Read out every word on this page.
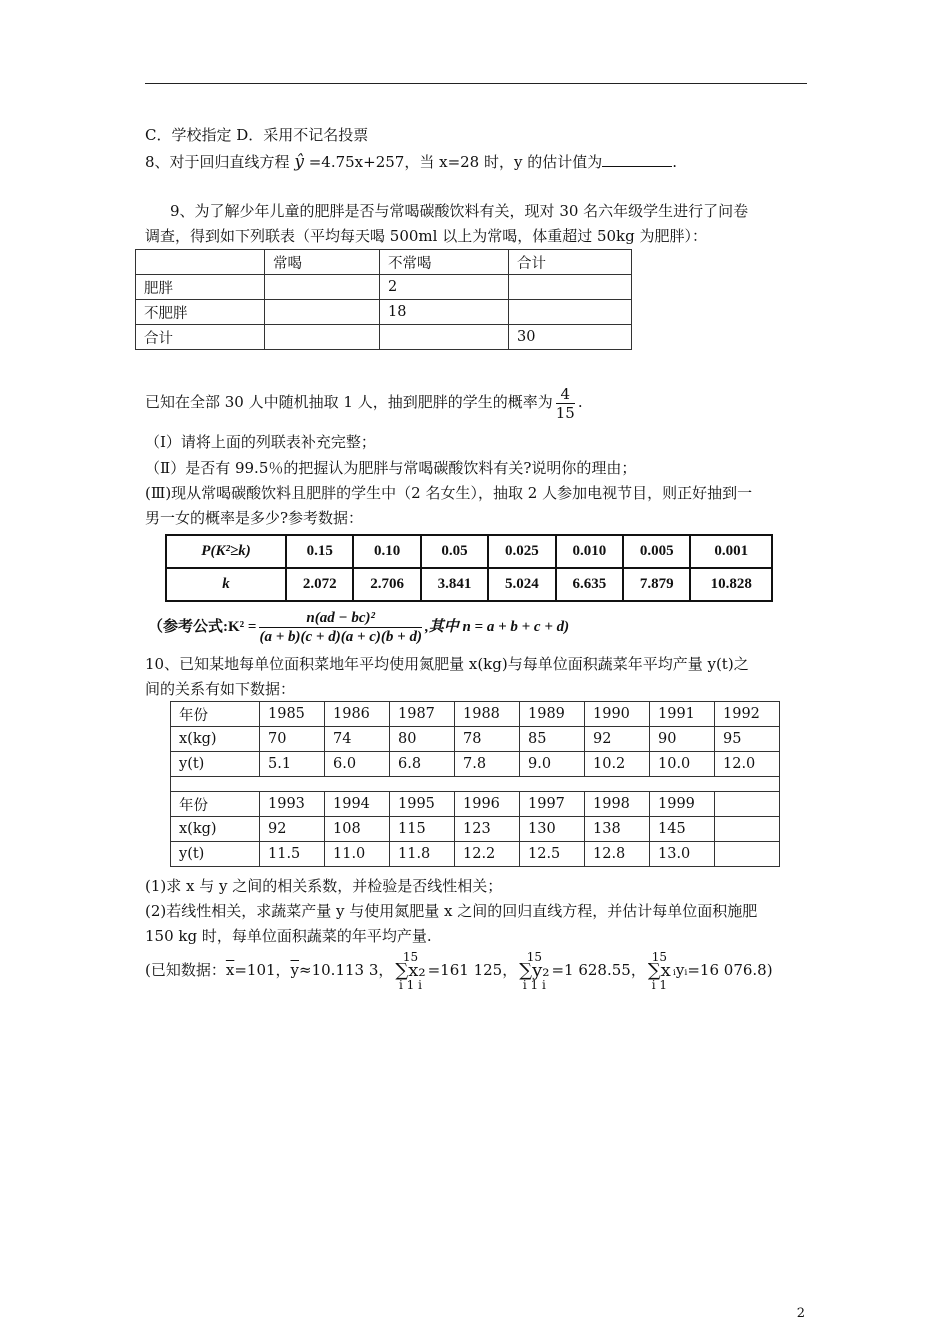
C．学校指定 D．采用不记名投票
8、对于回归直线方程 ŷ =4.75x+257，当 x=28 时，y 的估计值为	.
9、为了解少年儿童的肥胖是否与常喝碳酸饮料有关，现对 30 名六年级学生进行了问卷
调查，得到如下列联表（平均每天喝 500ml 以上为常喝，体重超过 50kg 为肥胖）：
	常喝	不常喝	合计
肥胖		2	
不肥胖		18	
合计			30
已知在全部 30 人中随机抽取 1 人，抽到肥胖的学生的概率为 $\frac{4}{15}$ .
（Ⅰ）请将上面的列联表补充完整；
（Ⅱ）是否有 99.5％的把握认为肥胖与常喝碳酸饮料有关?说明你的理由；
(Ⅲ)现从常喝碳酸饮料且肥胖的学生中（2 名女生），抽取 2 人参加电视节目，则正好抽到一
男一女的概率是多少?参考数据：
P(K²≥k)	0.15	0.10	0.05	0.025	0.010	0.005	0.001
k	2.072	2.706	3.841	5.024	6.635	7.879	10.828
（参考公式:K² = $\frac{\text{n(ad − bc)²}}{(a + b)(c + d)(a + c)(b + d)}$ ,其中 n = a + b + c + d)
10、已知某地每单位面积菜地年平均使用氮肥量 x(kg)与每单位面积蔬菜年平均产量 y(t)之
间的关系有如下数据：
年份	1985	1986	1987	1988	1989	1990	1991	1992
x(kg)	70	74	80	78	85	92	90	95
y(t)	5.1	6.0	6.8	7.8	9.0	10.2	10.0	12.0

年份	1993	1994	1995	1996	1997	1998	1999	
x(kg)	92	108	115	123	130	138	145	
y(t)	11.5	11.0	11.8	12.2	12.5	12.8	13.0	
(1)求 x 与 y 之间的相关系数，并检验是否线性相关；
(2)若线性相关，求蔬菜产量 y 与使用氮肥量 x 之间的回归直线方程，并估计每单位面积施肥
150 kg 时，每单位面积蔬菜的年平均产量.
(已知数据：$\overline{x}=101$，$\overline{y}\approx 10.113$ 3，15
∑x₂
i 1 i=161 125，15
∑y₂
i 1 i=1 628.55，15
∑x
i 1ᵢyᵢ=16 076.8)
2
